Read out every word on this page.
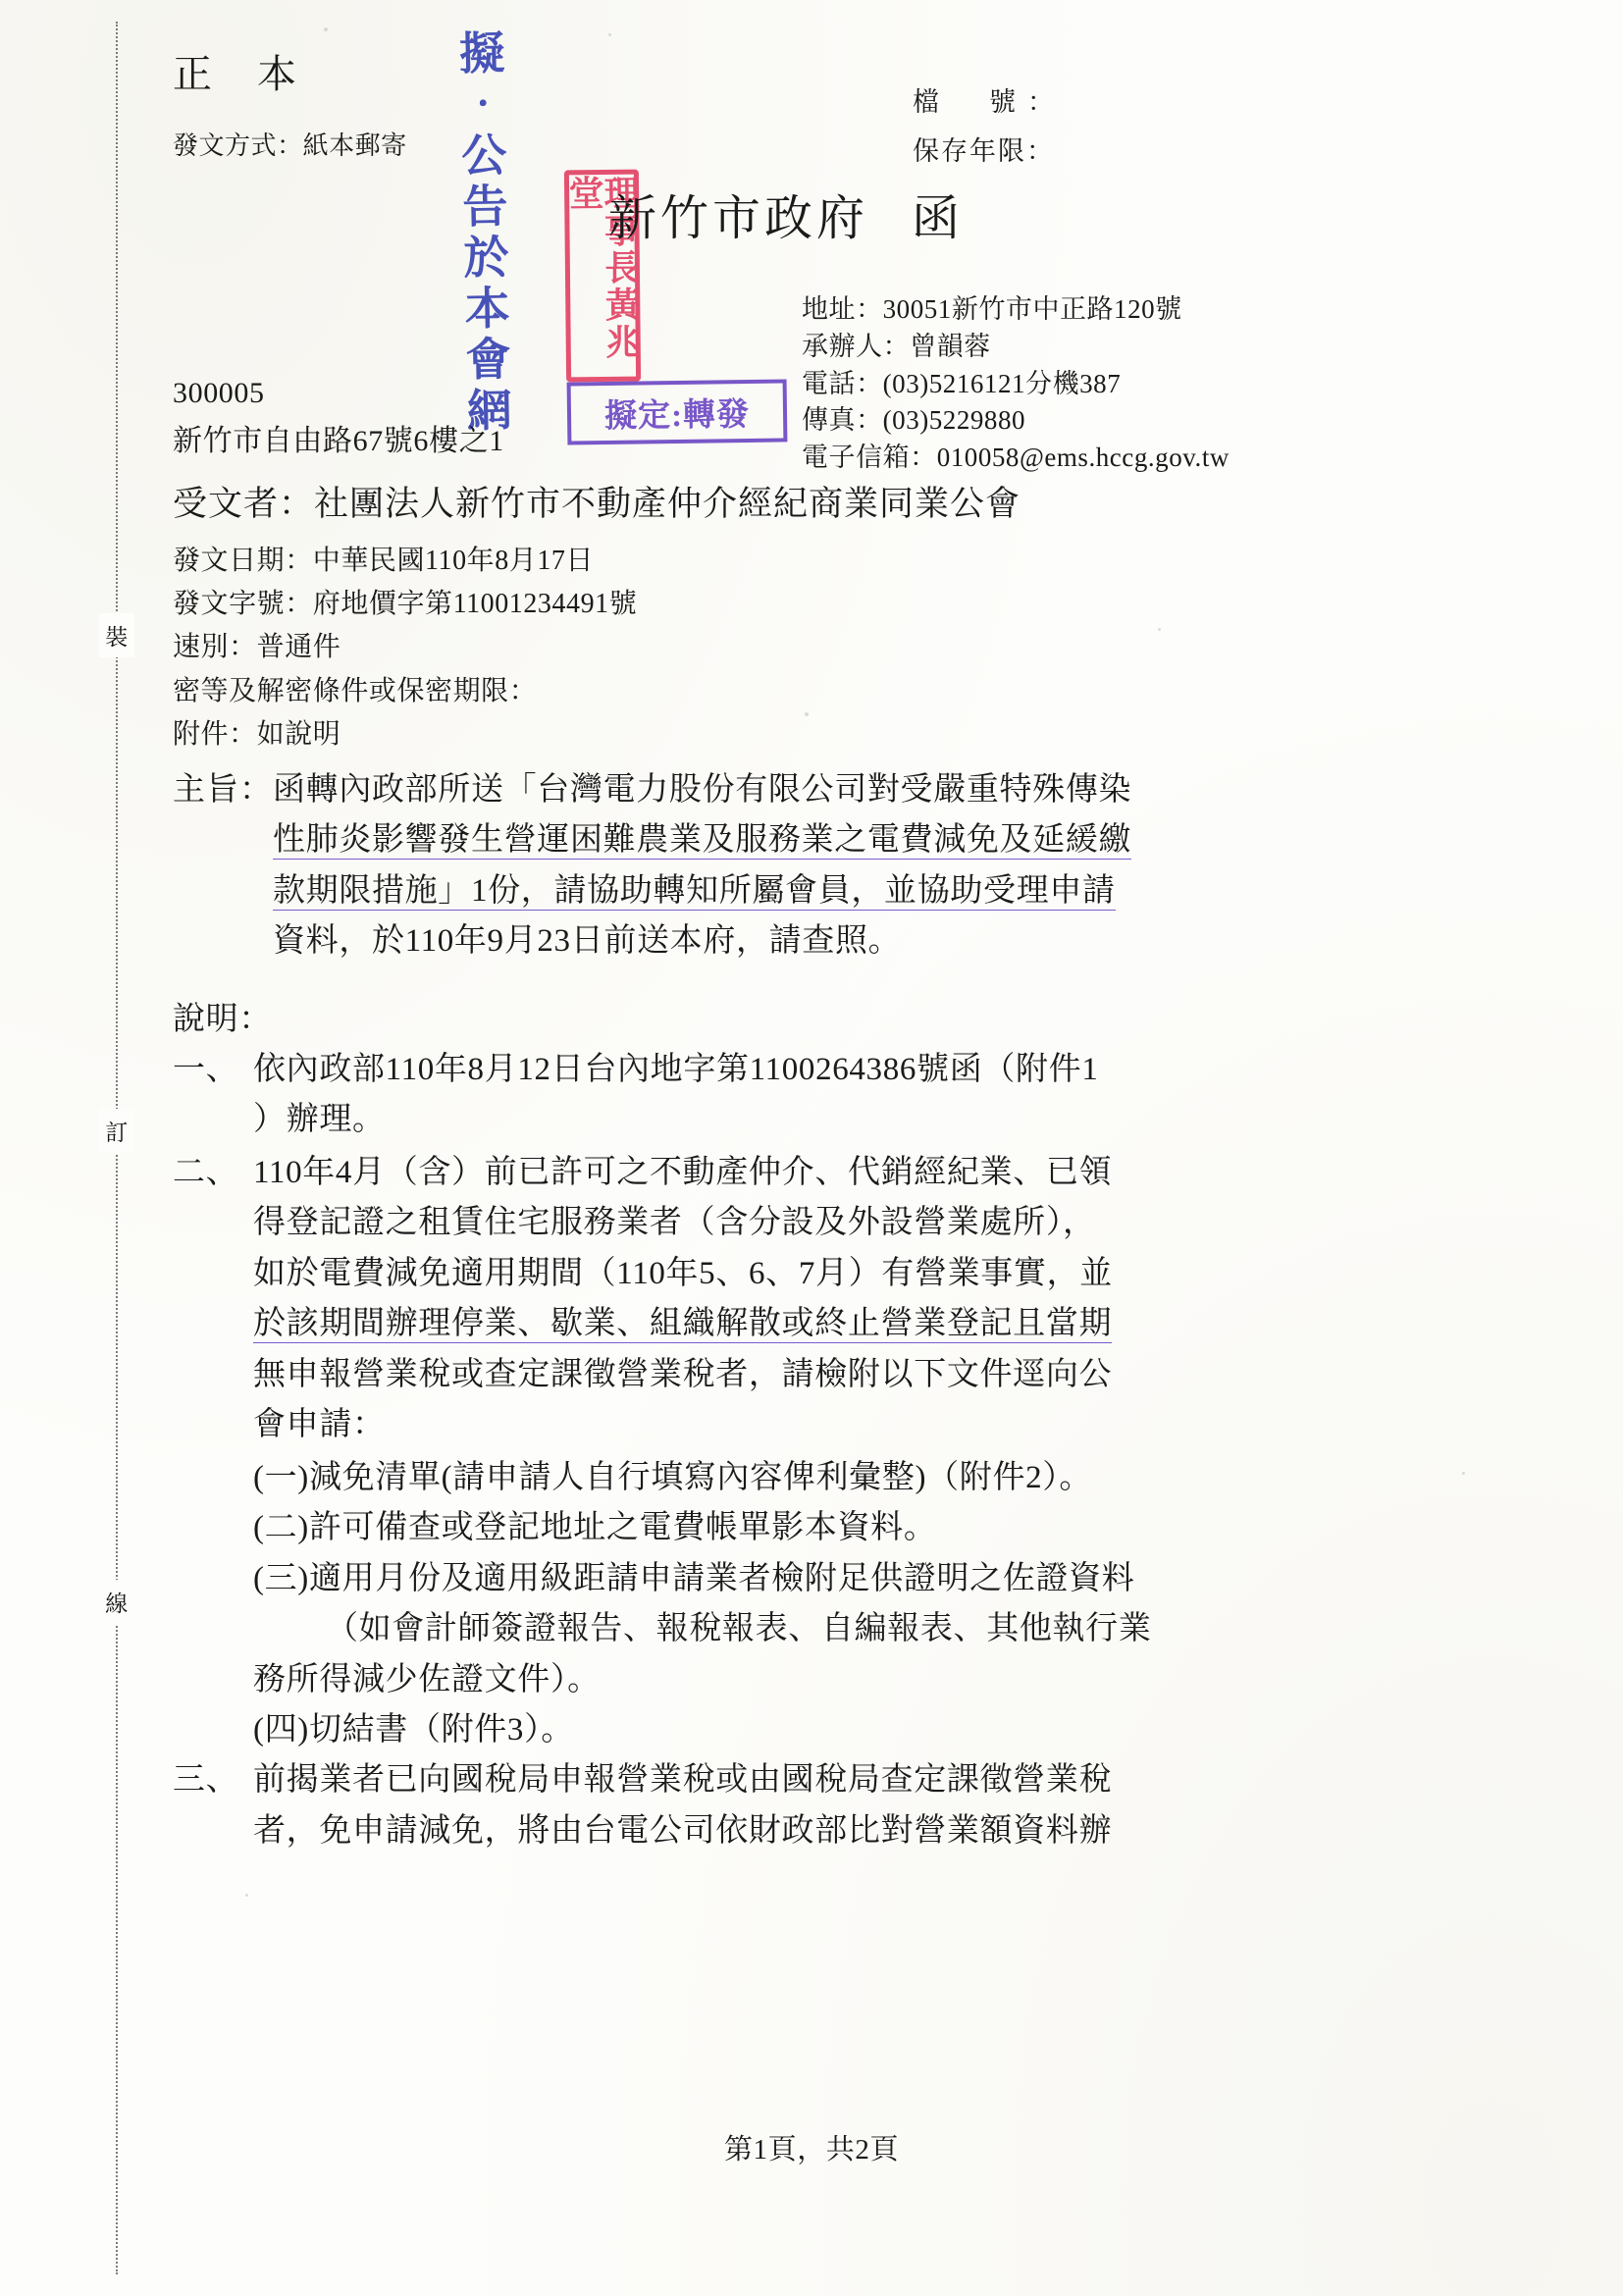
裝
訂
線
正 本
發文方式：紙本郵寄
檔　號：
保存年限：
擬‧公告於本會網	理事長黃兆堂
擬定:轉發
新竹市政府 函
地址：30051新竹市中正路120號
承辦人：曾韻蓉
電話：(03)5216121分機387
傳真：(03)5229880
電子信箱：010058@ems.hccg.gov.tw
300005
新竹市自由路67號6樓之1
受文者：社團法人新竹市不動產仲介經紀商業同業公會
發文日期：中華民國110年8月17日
發文字號：府地價字第11001234491號
速別：普通件
密等及解密條件或保密期限：
附件：如說明
主旨： 函轉內政部所送「台灣電力股份有限公司對受嚴重特殊傳染

性肺炎影響發生營運困難農業及服務業之電費減免及延緩繳

款期限措施」1份，請協助轉知所屬會員，並協助受理申請

資料，於110年9月23日前送本府，請查照。

說明：
一、 依內政部110年8月12日台內地字第1100264386號函（附件1

）辦理。

二、 110年4月（含）前已許可之不動產仲介、代銷經紀業、已領

得登記證之租賃住宅服務業者（含分設及外設營業處所），

如於電費減免適用期間（110年5、6、7月）有營業事實，並

於該期間辦理停業、歇業、組織解散或終止營業登記且當期

無申報營業稅或查定課徵營業稅者，請檢附以下文件逕向公

會申請：

(一)減免清單(請申請人自行填寫內容俾利彙整)（附件2）。

(二)許可備查或登記地址之電費帳單影本資料。

(三)適用月份及適用級距請申請業者檢附足供證明之佐證資料

（如會計師簽證報告、報稅報表、自編報表、其他執行業

務所得減少佐證文件）。

(四)切結書（附件3）。

三、 前揭業者已向國稅局申報營業稅或由國稅局查定課徵營業稅

者，免申請減免，將由台電公司依財政部比對營業額資料辦

第1頁，共2頁
